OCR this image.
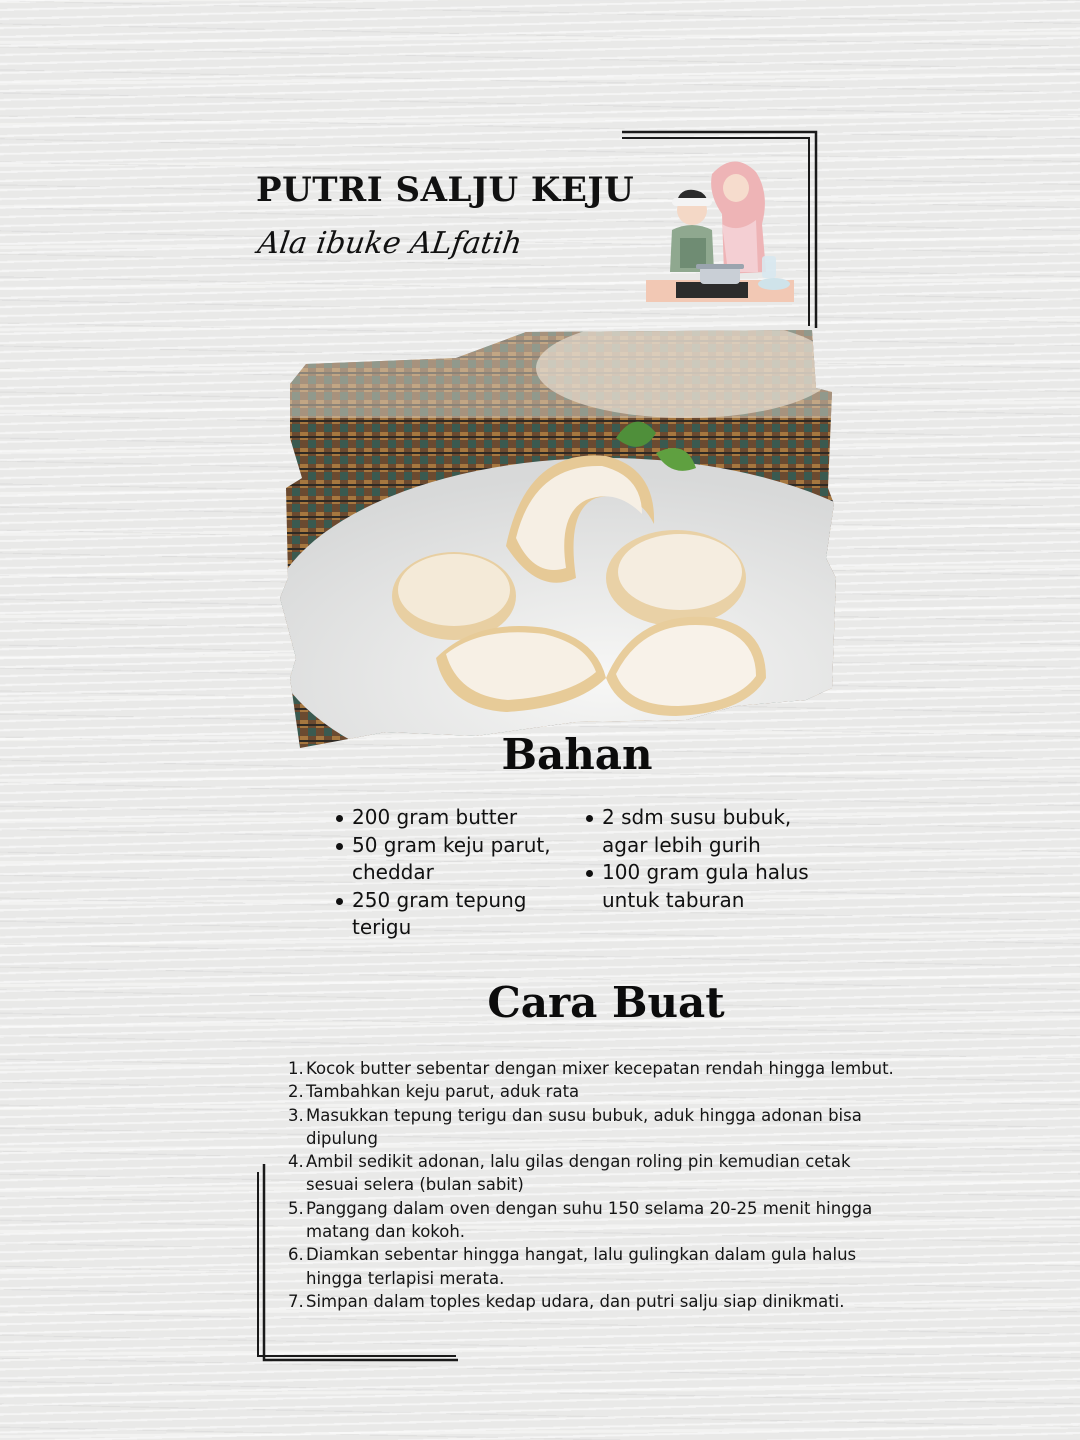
PUTRI SALJU KEJU
Ala ibuke ALfatih
Bahan
200 gram butter
50 gram keju parut, cheddar
250 gram tepung terigu
2 sdm susu bubuk, agar lebih gurih
100 gram gula halus untuk taburan
Cara Buat
1. Kocok butter sebentar dengan mixer kecepatan rendah hingga lembut.
2. Tambahkan keju parut, aduk rata
3. Masukkan tepung terigu dan susu bubuk, aduk hingga adonan bisa dipulung
4. Ambil sedikit adonan, lalu gilas dengan roling pin kemudian cetak sesuai selera (bulan sabit)
5. Panggang dalam oven dengan suhu 150 selama 20-25 menit hingga matang dan kokoh.
6. Diamkan sebentar hingga hangat, lalu gulingkan dalam gula halus hingga terlapisi merata.
7. Simpan dalam toples kedap udara, dan putri salju siap dinikmati.
